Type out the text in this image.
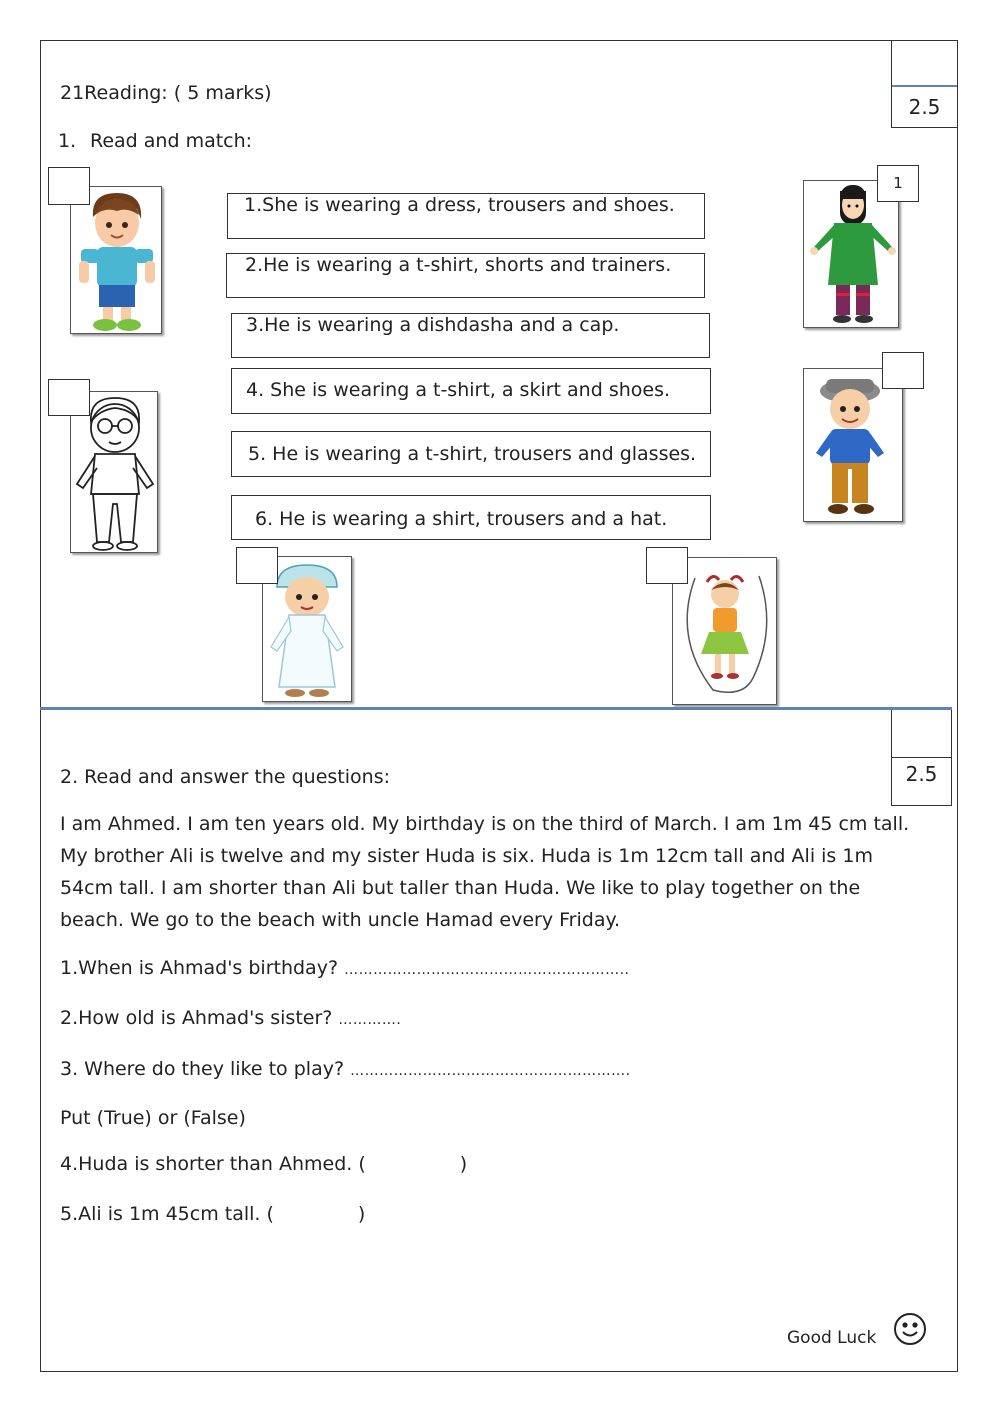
21Reading: ( 5 marks)
1. Read and match:
2.5
1.She is wearing a dress, trousers and shoes.
2.He is wearing a t-shirt, shorts and trainers.
3.He is wearing a dishdasha and a cap.
4. She is wearing a t-shirt, a skirt and shoes.
5. He is wearing a t-shirt, trousers and glasses.
6. He is wearing a shirt, trousers and a hat.
1
2.5
2. Read and answer the questions:
I am Ahmed. I am ten years old. My birthday is on the third of March. I am 1m 45 cm tall. My brother Ali is twelve and my sister Huda is six. Huda is 1m 12cm tall and Ali is 1m 54cm tall. I am shorter than Ali but taller than Huda. We like to play together on the beach. We go to the beach with uncle Hamad every Friday.
1.When is Ahmad's birthday? …………………………………………………..
2.How old is Ahmad's sister? ………….
3. Where do they like to play? ………………………………………………….
Put (True) or (False)
4.Huda is shorter than Ahmed. (	)
5.Ali is 1m 45cm tall. (	)
Good Luck
